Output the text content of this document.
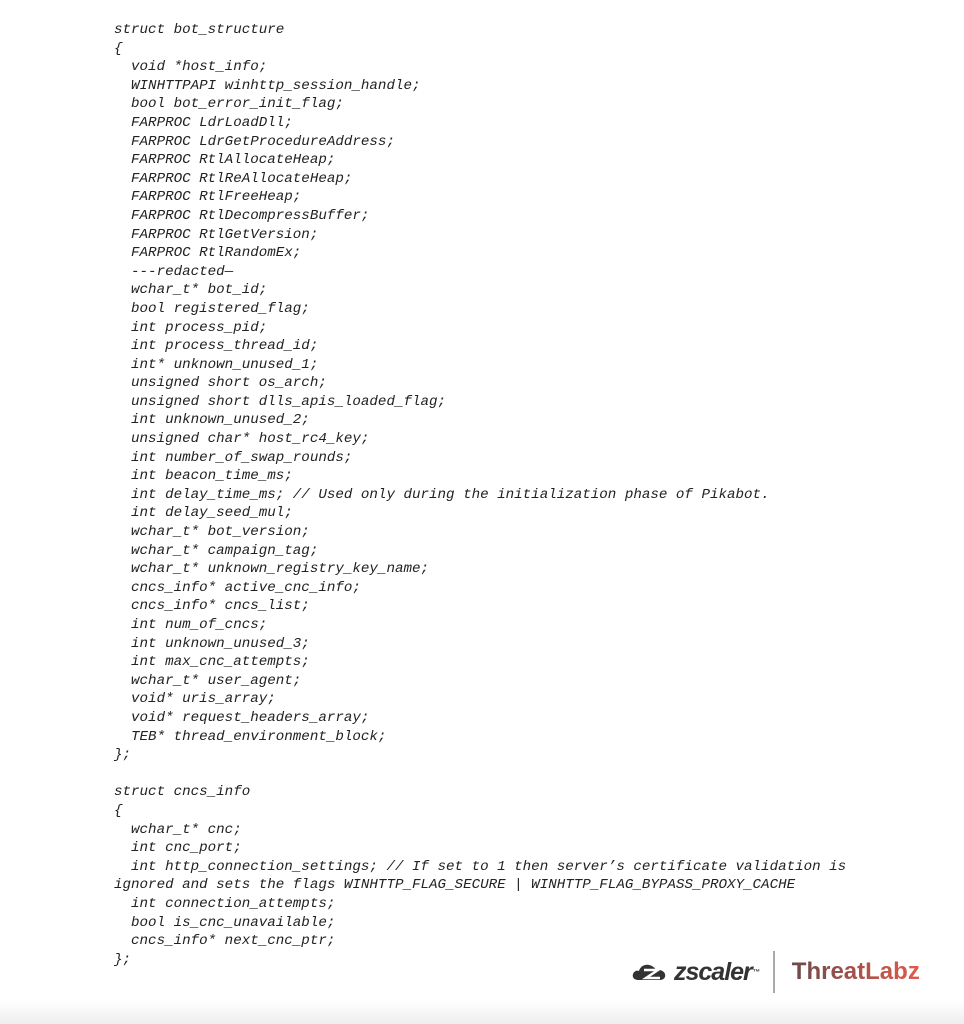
struct bot_structure
{
void *host_info;
WINHTTPAPI winhttp_session_handle;
bool bot_error_init_flag;
FARPROC LdrLoadDll;
FARPROC LdrGetProcedureAddress;
FARPROC RtlAllocateHeap;
FARPROC RtlReAllocateHeap;
FARPROC RtlFreeHeap;
FARPROC RtlDecompressBuffer;
FARPROC RtlGetVersion;
FARPROC RtlRandomEx;
---redacted—
wchar_t* bot_id;
bool registered_flag;
int process_pid;
int process_thread_id;
int* unknown_unused_1;
unsigned short os_arch;
unsigned short dlls_apis_loaded_flag;
int unknown_unused_2;
unsigned char* host_rc4_key;
int number_of_swap_rounds;
int beacon_time_ms;
int delay_time_ms; // Used only during the initialization phase of Pikabot.
int delay_seed_mul;
wchar_t* bot_version;
wchar_t* campaign_tag;
wchar_t* unknown_registry_key_name;
cncs_info* active_cnc_info;
cncs_info* cncs_list;
int num_of_cncs;
int unknown_unused_3;
int max_cnc_attempts;
wchar_t* user_agent;
void* uris_array;
void* request_headers_array;
TEB* thread_environment_block;
};
struct cncs_info
{
wchar_t* cnc;
int cnc_port;
int http_connection_settings; // If set to 1 then server’s certificate validation is
ignored and sets the flags WINHTTP_FLAG_SECURE | WINHTTP_FLAG_BYPASS_PROXY_CACHE
int connection_attempts;
bool is_cnc_unavailable;
cncs_info* next_cnc_ptr;
};	zscaler ™ ThreatLabz
